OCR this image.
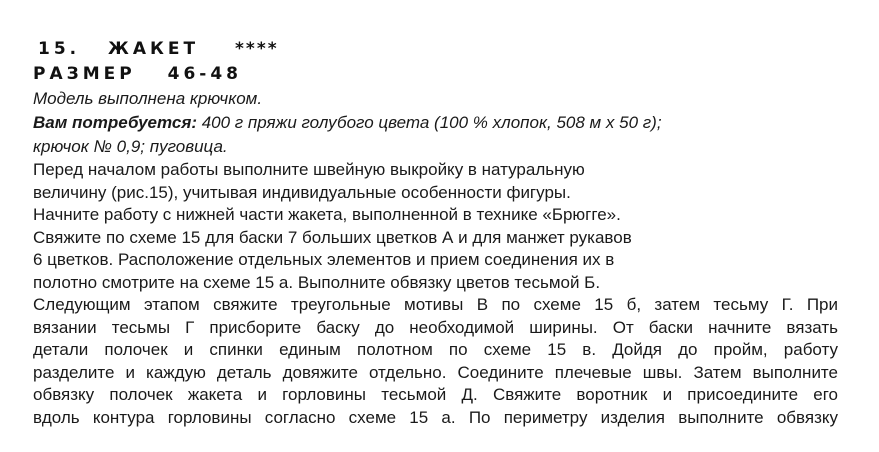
15. ЖАКЕТ ****
РАЗМЕР 46-48
Модель выполнена крючком.
Вам потребуется: 400 г пряжи голубого цвета (100 % хлопок, 508 м х 50 г);
крючок № 0,9; пуговица.
Перед началом работы выполните швейную выкройку в натуральную
величину (рис.15), учитывая индивидуальные особенности фигуры.
Начните работу с нижней части жакета, выполненной в технике «Брюгге».
Свяжите по схеме 15 для баски 7 больших цветков А и для манжет рукавов
6 цветков. Расположение отдельных элементов и прием соединения их в
полотно смотрите на схеме 15 а. Выполните обвязку цветов тесьмой Б.
Следующим этапом свяжите треугольные мотивы В по схеме 15 б, затем тесьму Г. При
вязании тесьмы Г присборите баску до необходимой ширины. От баски начните вязать
детали полочек и спинки единым полотном по схеме 15 в. Дойдя до пройм, работу
разделите и каждую деталь довяжите отдельно. Соедините плечевые швы. Затем выполните
обвязку полочек жакета и горловины тесьмой Д. Свяжите воротник и присоедините его
вдоль контура горловины согласно схеме 15 а. По периметру изделия выполните обвязку
